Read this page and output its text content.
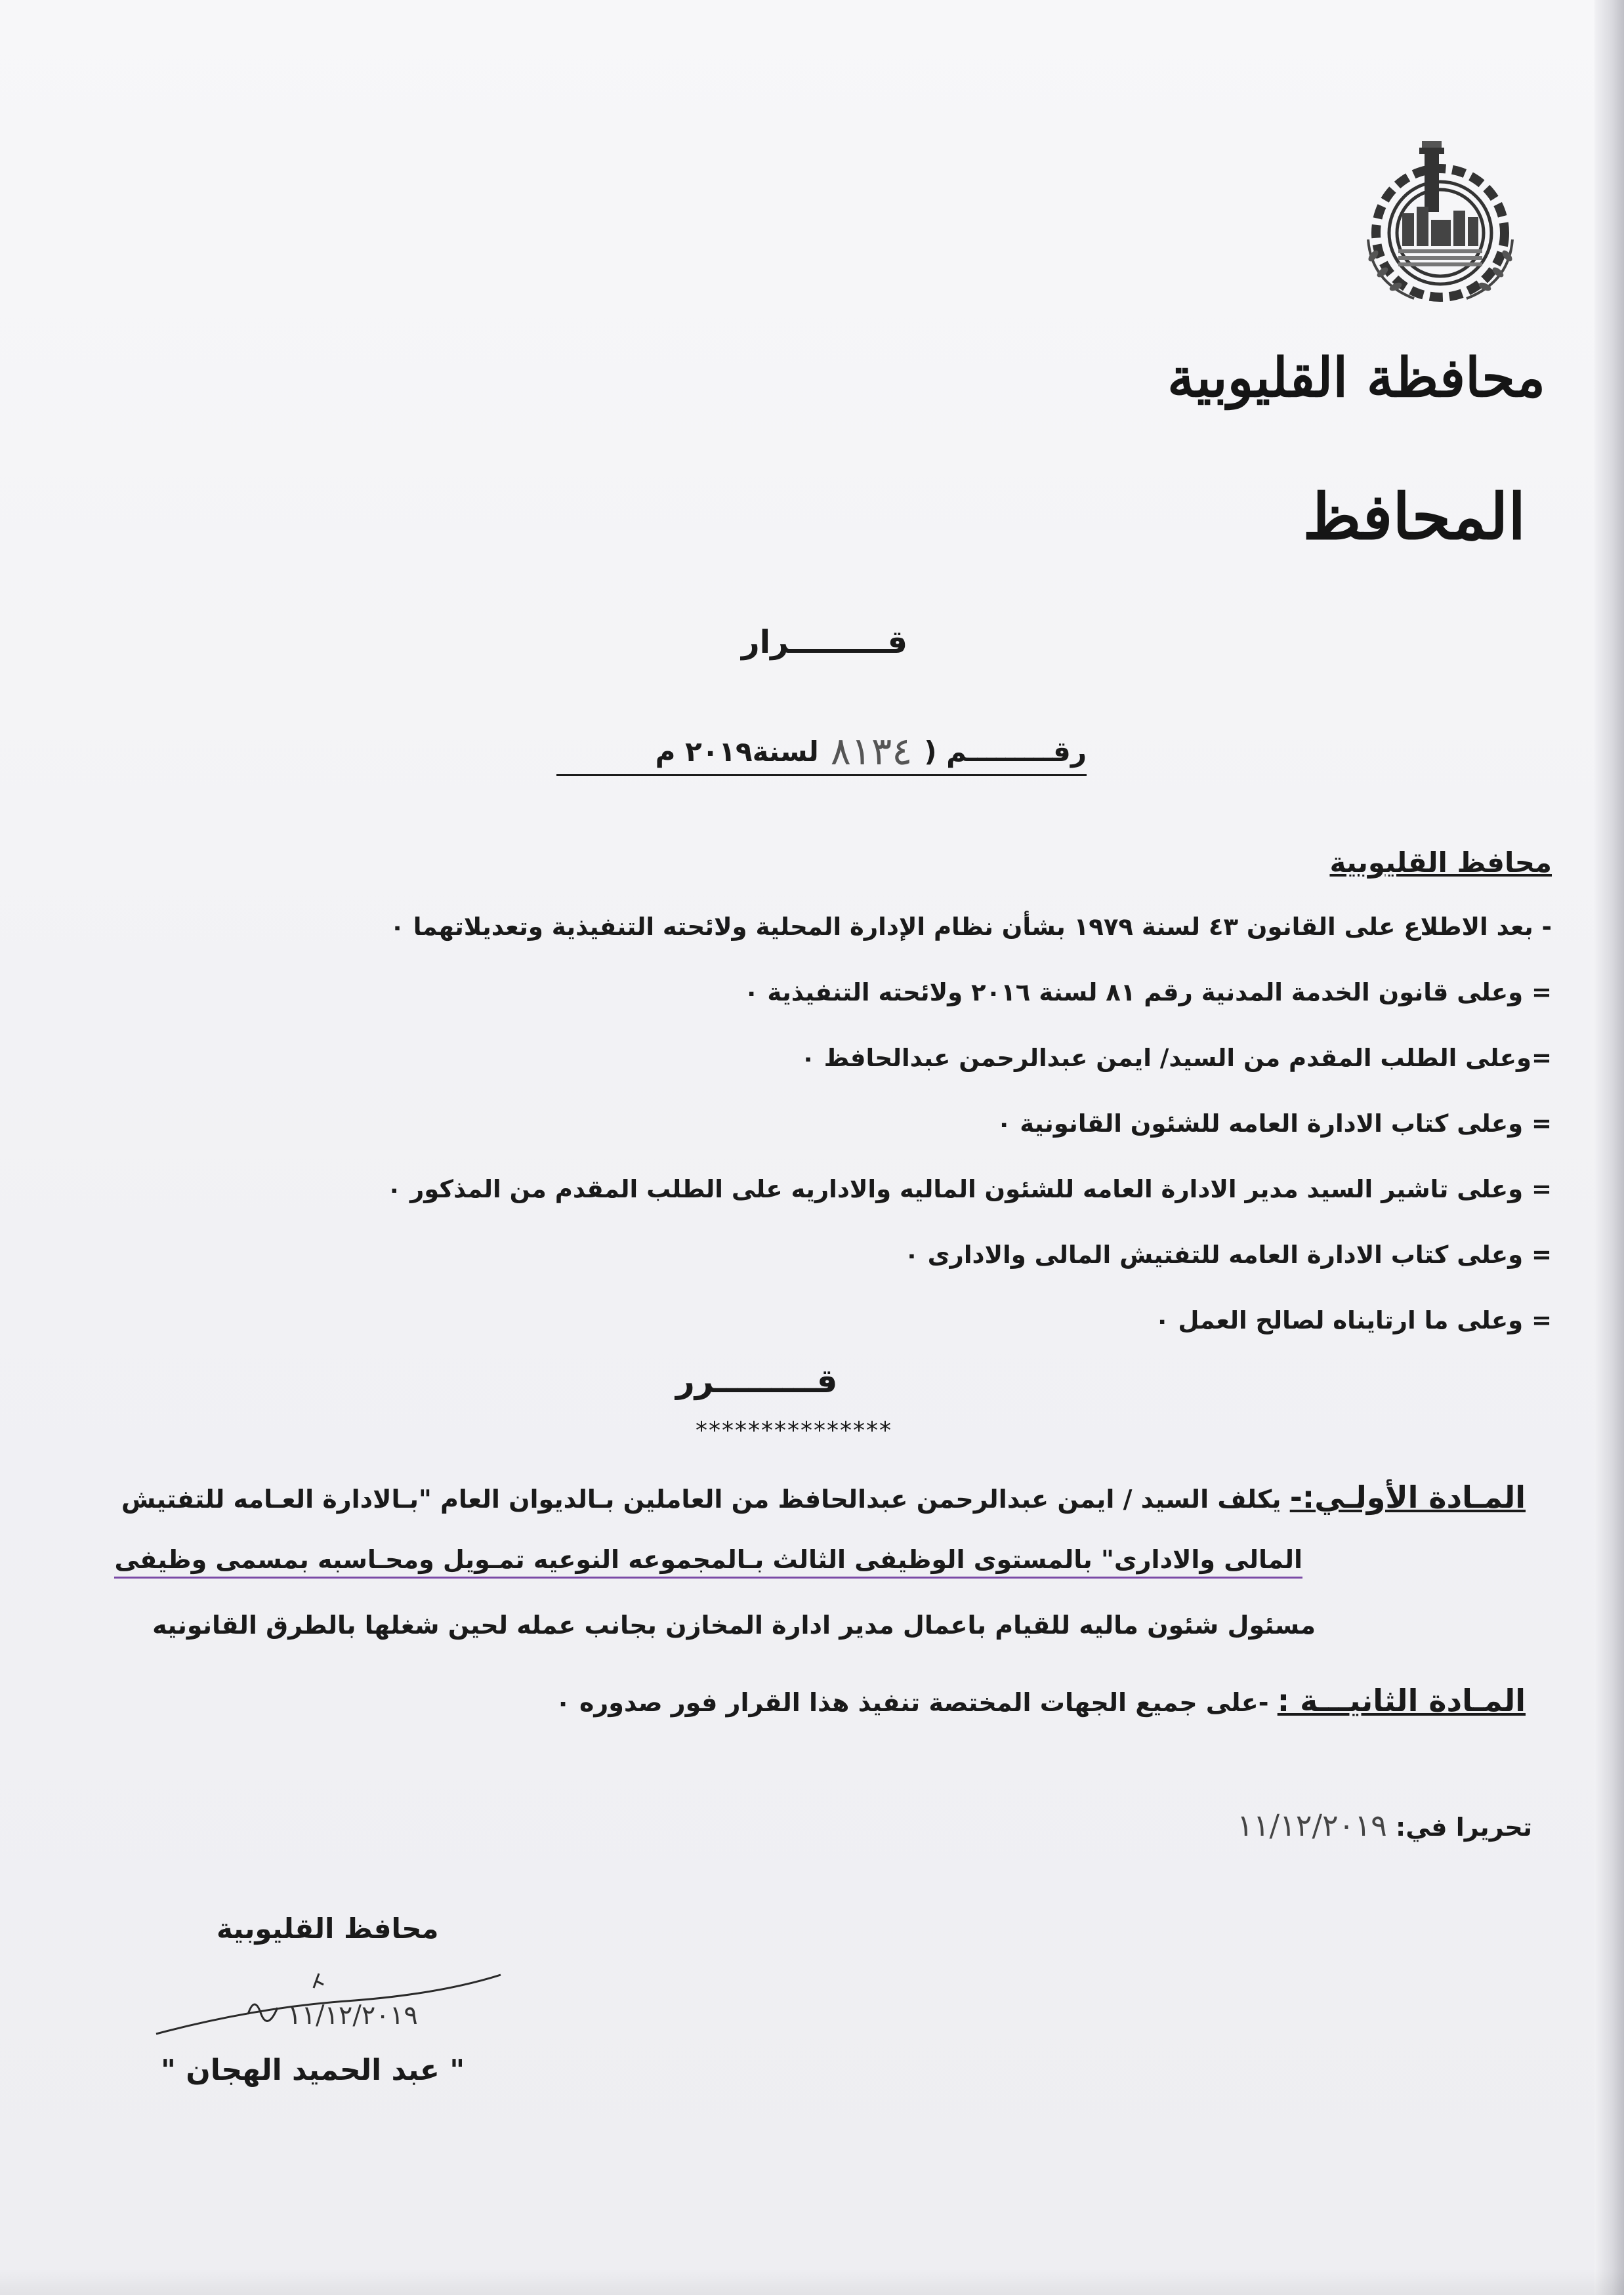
محافظة القليوبية
المحافظ
قـــــــــرار
رقـــــــــم (
٨١٣٤
لسنة٢٠١٩ م
محافظ القليوبية
- بعد الاطلاع على القانون ٤٣ لسنة ١٩٧٩ بشأن نظام الإدارة المحلية ولائحته التنفيذية وتعديلاتهما ٠
= وعلى قانون الخدمة المدنية رقم ٨١ لسنة ٢٠١٦ ولائحته التنفيذية ٠
=وعلى الطلب المقدم من السيد/ ايمن عبدالرحمن عبدالحافظ ٠
= وعلى كتاب الادارة العامه للشئون القانونية ٠
= وعلى تاشير السيد مدير الادارة العامه للشئون الماليه والاداريه على الطلب المقدم من المذكور ٠
= وعلى كتاب الادارة العامه للتفتيش المالى والادارى ٠
= وعلى ما ارتايناه لصالح العمل ٠
قـــــــــرر
***************
المـادة الأولـي:- يكلف السيد / ايمن عبدالرحمن عبدالحافظ من العاملين بـالديوان العام "بـالادارة العـامه للتفتيش
المالى والادارى" بالمستوى الوظيفى الثالث بـالمجموعه النوعيه تمـويل ومحـاسبه بمسمى وظيفى
مسئول شئون ماليه للقيام باعمال مدير ادارة المخازن بجانب عمله لحين شغلها بالطرق القانونيه
المـادة الثانيـــة : -على جميع الجهات المختصة تنفيذ هذا القرار فور صدوره ٠
تحريرا في: ١١/١٢/٢٠١٩
محافظ القليوبية
١١/١٢/٢٠١٩
" عبد الحميد الهجان "
